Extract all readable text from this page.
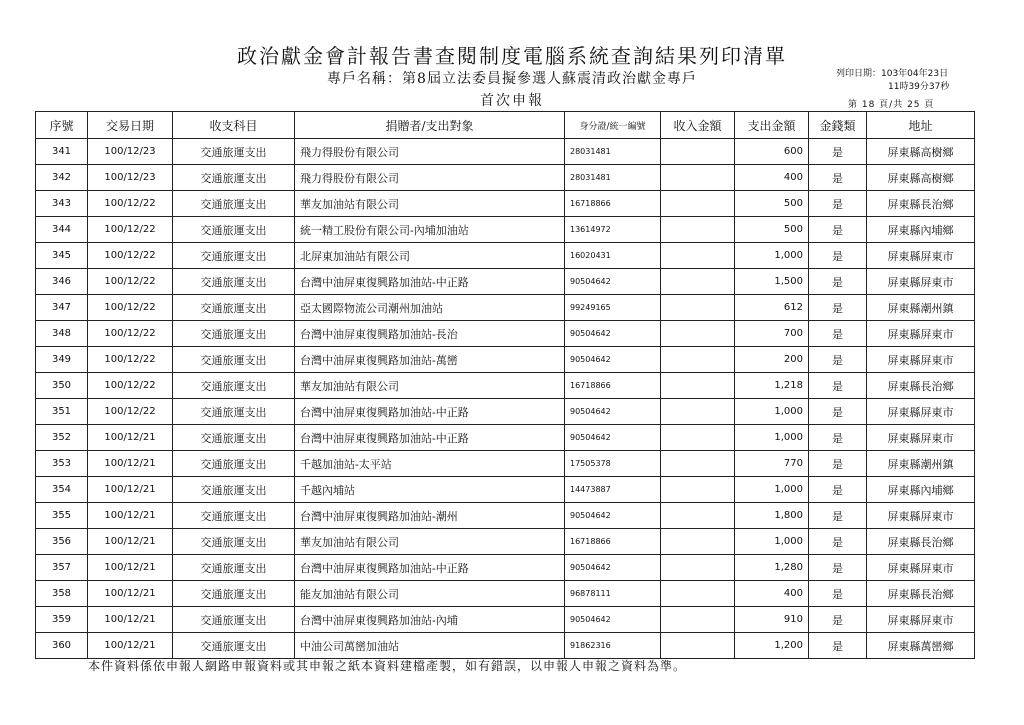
政治獻金會計報告書查閱制度電腦系統查詢結果列印清單
專戶名稱：第8屆立法委員擬參選人蘇震清政治獻金專戶
首次申報
列印日期：103年04年23日
11時39分37秒
第 18 頁/共 25 頁
序號	交易日期	收支科目	捐贈者/支出對象	身分證/統一編號	收入金額	支出金額	金錢類	地址
341	100/12/23	交通旅運支出	飛力得股份有限公司	28031481		600	是	屏東縣高樹鄉
342	100/12/23	交通旅運支出	飛力得股份有限公司	28031481		400	是	屏東縣高樹鄉
343	100/12/22	交通旅運支出	華友加油站有限公司	16718866		500	是	屏東縣長治鄉
344	100/12/22	交通旅運支出	統一精工股份有限公司-內埔加油站	13614972		500	是	屏東縣內埔鄉
345	100/12/22	交通旅運支出	北屏東加油站有限公司	16020431		1,000	是	屏東縣屏東市
346	100/12/22	交通旅運支出	台灣中油屏東復興路加油站-中正路	90504642		1,500	是	屏東縣屏東市
347	100/12/22	交通旅運支出	亞太國際物流公司潮州加油站	99249165		612	是	屏東縣潮州鎮
348	100/12/22	交通旅運支出	台灣中油屏東復興路加油站-長治	90504642		700	是	屏東縣屏東市
349	100/12/22	交通旅運支出	台灣中油屏東復興路加油站-萬巒	90504642		200	是	屏東縣屏東市
350	100/12/22	交通旅運支出	華友加油站有限公司	16718866		1,218	是	屏東縣長治鄉
351	100/12/22	交通旅運支出	台灣中油屏東復興路加油站-中正路	90504642		1,000	是	屏東縣屏東市
352	100/12/21	交通旅運支出	台灣中油屏東復興路加油站-中正路	90504642		1,000	是	屏東縣屏東市
353	100/12/21	交通旅運支出	千越加油站-太平站	17505378		770	是	屏東縣潮州鎮
354	100/12/21	交通旅運支出	千越內埔站	14473887		1,000	是	屏東縣內埔鄉
355	100/12/21	交通旅運支出	台灣中油屏東復興路加油站-潮州	90504642		1,800	是	屏東縣屏東市
356	100/12/21	交通旅運支出	華友加油站有限公司	16718866		1,000	是	屏東縣長治鄉
357	100/12/21	交通旅運支出	台灣中油屏東復興路加油站-中正路	90504642		1,280	是	屏東縣屏東市
358	100/12/21	交通旅運支出	能友加油站有限公司	96878111		400	是	屏東縣長治鄉
359	100/12/21	交通旅運支出	台灣中油屏東復興路加油站-內埔	90504642		910	是	屏東縣屏東市
360	100/12/21	交通旅運支出	中油公司萬巒加油站	91862316		1,200	是	屏東縣萬巒鄉
本件資料係依申報人網路申報資料或其申報之紙本資料建檔產製，如有錯誤，以申報人申報之資料為準。
